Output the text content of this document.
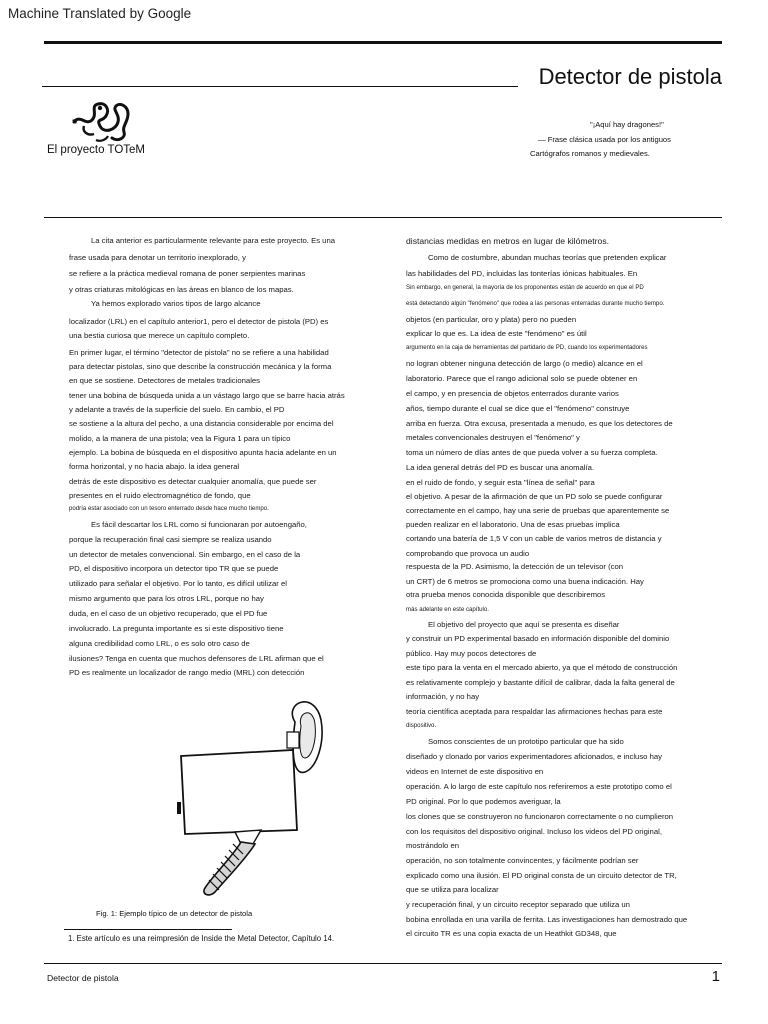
Machine Translated by Google
Detector de pistola
El proyecto TOTeM
"¡Aquí hay dragones!"
— Frase clásica usada por los antiguos
Cartógrafos romanos y medievales.
La cita anterior es particularmente relevante para este proyecto. Es una
frase usada para denotar un territorio inexplorado, y
se refiere a la práctica medieval romana de poner serpientes marinas
y otras criaturas mitológicas en las áreas en blanco de los mapas.
Ya hemos explorado varios tipos de largo alcance
localizador (LRL) en el capítulo anterior1, pero el detector de pistola (PD) es
una bestia curiosa que merece un capítulo completo.
En primer lugar, el término "detector de pistola" no se refiere a una habilidad
para detectar pistolas, sino que describe la construcción mecánica y la forma
en que se sostiene. Detectores de metales tradicionales
tener una bobina de búsqueda unida a un vástago largo que se barre hacia atrás
y adelante a través de la superficie del suelo. En cambio, el PD
se sostiene a la altura del pecho, a una distancia considerable por encima del
molido, a la manera de una pistola; vea la Figura 1 para un típico
ejemplo. La bobina de búsqueda en el dispositivo apunta hacia adelante en un
forma horizontal, y no hacia abajo. la idea general
detrás de este dispositivo es detectar cualquier anomalía, que puede ser
presentes en el ruido electromagnético de fondo, que
podría estar asociado con un tesoro enterrado desde hace mucho tiempo.
Es fácil descartar los LRL como si funcionaran por autoengaño,
porque la recuperación final casi siempre se realiza usando
un detector de metales convencional. Sin embargo, en el caso de la
PD, el dispositivo incorpora un detector tipo TR que se puede
utilizado para señalar el objetivo. Por lo tanto, es difícil utilizar el
mismo argumento que para los otros LRL, porque no hay
duda, en el caso de un objetivo recuperado, que el PD fue
involucrado. La pregunta importante es si este dispositivo tiene
alguna credibilidad como LRL, o es solo otro caso de
ilusiones? Tenga en cuenta que muchos defensores de LRL afirman que el
PD es realmente un localizador de rango medio (MRL) con detección
distancias medidas en metros en lugar de kilómetros.
Como de costumbre, abundan muchas teorías que pretenden explicar
las habilidades del PD, incluidas las tonterías iónicas habituales. En
Sin embargo, en general, la mayoría de los proponentes están de acuerdo en que el PD
está detectando algún "fenómeno" que rodea a las personas enterradas durante mucho tiempo.
objetos (en particular, oro y plata) pero no pueden
explicar lo que es. La idea de este "fenómeno" es útil
argumento en la caja de herramientas del partidario de PD, cuando los experimentadores
no logran obtener ninguna detección de largo (o medio) alcance en el
laboratorio. Parece que el rango adicional solo se puede obtener en
el campo, y en presencia de objetos enterrados durante varios
años, tiempo durante el cual se dice que el "fenómeno" construye
arriba en fuerza. Otra excusa, presentada a menudo, es que los detectores de
metales convencionales destruyen el "fenómeno" y
toma un número de días antes de que pueda volver a su fuerza completa.
La idea general detrás del PD es buscar una anomalía.
en el ruido de fondo, y seguir esta "línea de señal" para
el objetivo. A pesar de la afirmación de que un PD solo se puede configurar
correctamente en el campo, hay una serie de pruebas que aparentemente se
pueden realizar en el laboratorio. Una de esas pruebas implica
cortando una batería de 1,5 V con un cable de varios metros de distancia y
comprobando que provoca un audio
respuesta de la PD. Asimismo, la detección de un televisor (con
un CRT) de 6 metros se promociona como una buena indicación. Hay
otra prueba menos conocida disponible que describiremos
más adelante en este capítulo.
El objetivo del proyecto que aquí se presenta es diseñar
y construir un PD experimental basado en información disponible del dominio
público. Hay muy pocos detectores de
este tipo para la venta en el mercado abierto, ya que el método de construcción
es relativamente complejo y bastante difícil de calibrar, dada la falta general de
información, y no hay
teoría científica aceptada para respaldar las afirmaciones hechas para este
dispositivo.
Somos conscientes de un prototipo particular que ha sido
diseñado y clonado por varios experimentadores aficionados, e incluso hay
videos en Internet de este dispositivo en
operación. A lo largo de este capítulo nos referiremos a este prototipo como el
PD original. Por lo que podemos averiguar, la
los clones que se construyeron no funcionaron correctamente o no cumplieron
con los requisitos del dispositivo original. Incluso los videos del PD original,
mostrándolo en
operación, no son totalmente convincentes, y fácilmente podrían ser
explicado como una ilusión. El PD original consta de un circuito detector de TR,
que se utiliza para localizar
y recuperación final, y un circuito receptor separado que utiliza un
bobina enrollada en una varilla de ferrita. Las investigaciones han demostrado que
el circuito TR es una copia exacta de un Heathkit GD348, que
Fig. 1: Ejemplo típico de un detector de pistola
1. Este artículo es una reimpresión de Inside the Metal Detector, Capítulo 14.
Detector de pistola	1
